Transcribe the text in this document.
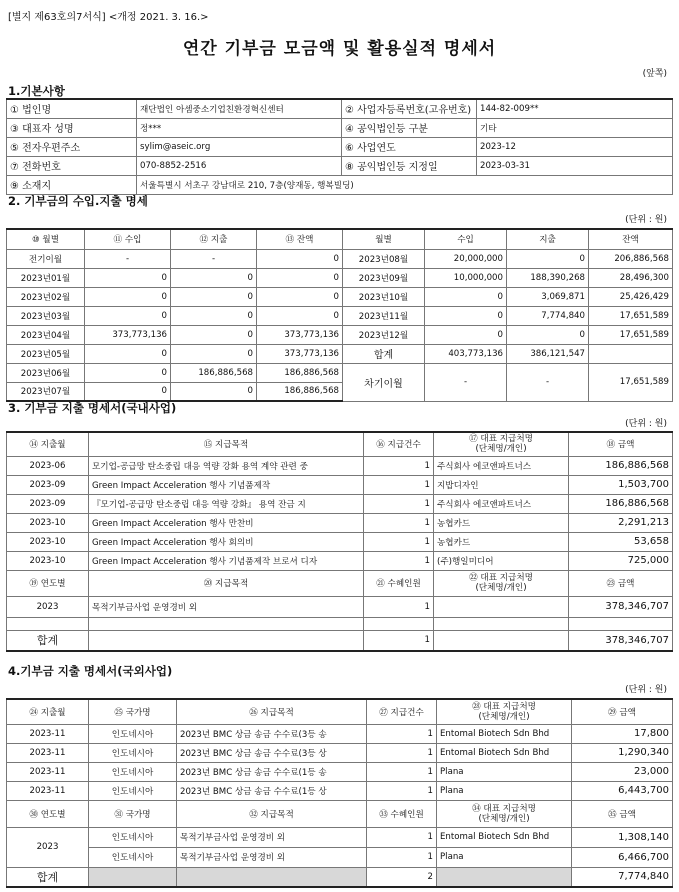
[별지 제63호의7서식] <개정 2021. 3. 16.>
연간 기부금 모금액 및 활용실적 명세서
(앞쪽)
1.기본사항
① 법인명	재단법인 아셈중소기업친환경혁신센터	② 사업자등록번호(고유번호)	144-82-009**
③ 대표자 성명	정***	④ 공익법인등 구분	기타
⑤ 전자우편주소	sylim@aseic.org	⑥ 사업연도	2023-12
⑦ 전화번호	070-8852-2516	⑧ 공익법인등 지정일	2023-03-31
⑨ 소재지	서울특별시 서초구 강남대로 210, 7층(양재동, 행복빌딩)		
2. 기부금의 수입.지출 명세
(단위 : 원)
⑩ 월별	⑪ 수입	⑫ 지출	⑬ 잔액	월별	수입	지출	잔액
전기이월	-	-	0	2023년08월	20,000,000	0	206,886,568
2023년01월	0	0	0	2023년09월	10,000,000	188,390,268	28,496,300
2023년02월	0	0	0	2023년10월	0	3,069,871	25,426,429
2023년03월	0	0	0	2023년11월	0	7,774,840	17,651,589
2023년04월	373,773,136	0	373,773,136	2023년12월	0	0	17,651,589
2023년05월	0	0	373,773,136	합계	403,773,136	386,121,547	
2023년06월	0	186,886,568	186,886,568	차기이월	-	-	17,651,589
2023년07월	0	0	186,886,568				
3. 기부금 지출 명세서(국내사업)
(단위 : 원)
⑭ 지출월	⑮ 지급목적	⑯ 지급건수	⑰ 대표 지급처명
(단체명/개인)	⑱ 금액
2023-06	모기업-공급망 탄소중립 대응 역량 강화 용역 계약 관련 중	1	주식회사 에코앤파트너스	186,886,568
2023-09	Green Impact Acceleration 행사 기념품제작	1	지밥디자인	1,503,700
2023-09	『모기업-공급망 탄소중립 대응 역량 강화』 용역 잔금 지	1	주식회사 에코앤파트너스	186,886,568
2023-10	Green Impact Acceleration 행사 만찬비	1	농협카드	2,291,213
2023-10	Green Impact Acceleration 행사 회의비	1	농협카드	53,658
2023-10	Green Impact Acceleration 행사 기념품제작 브로셔 디자	1	(주)행일미디어	725,000
⑲ 연도별	⑳ 지급목적	㉑ 수혜인원	㉒ 대표 지급처명
(단체명/개인)	㉓ 금액
2023	목적기부금사업 운영경비 외	1		378,346,707

합계		1		378,346,707
4.기부금 지출 명세서(국외사업)
(단위 : 원)
㉔ 지출월	㉕ 국가명	㉖ 지급목적	㉗ 지급건수	㉘ 대표 지급처명
(단체명/개인)	㉙ 금액
2023-11	인도네시아	2023년 BMC 상금 송금 수수료(3등 송	1	Entomal Biotech Sdn Bhd	17,800
2023-11	인도네시아	2023년 BMC 상금 송금 수수료(3등 상	1	Entomal Biotech Sdn Bhd	1,290,340
2023-11	인도네시아	2023년 BMC 상금 송금 수수료(1등 송	1	Plana	23,000
2023-11	인도네시아	2023년 BMC 상금 송금 수수료(1등 상	1	Plana	6,443,700
㉚ 연도별	㉛ 국가명	㉜ 지급목적	㉝ 수혜인원	㉞ 대표 지급처명
(단체명/개인)	㉟ 금액
2023	인도네시아	목적기부금사업 운영경비 외	1	Entomal Biotech Sdn Bhd	1,308,140
	인도네시아	목적기부금사업 운영경비 외	1	Plana	6,466,700
합계			2		7,774,840
